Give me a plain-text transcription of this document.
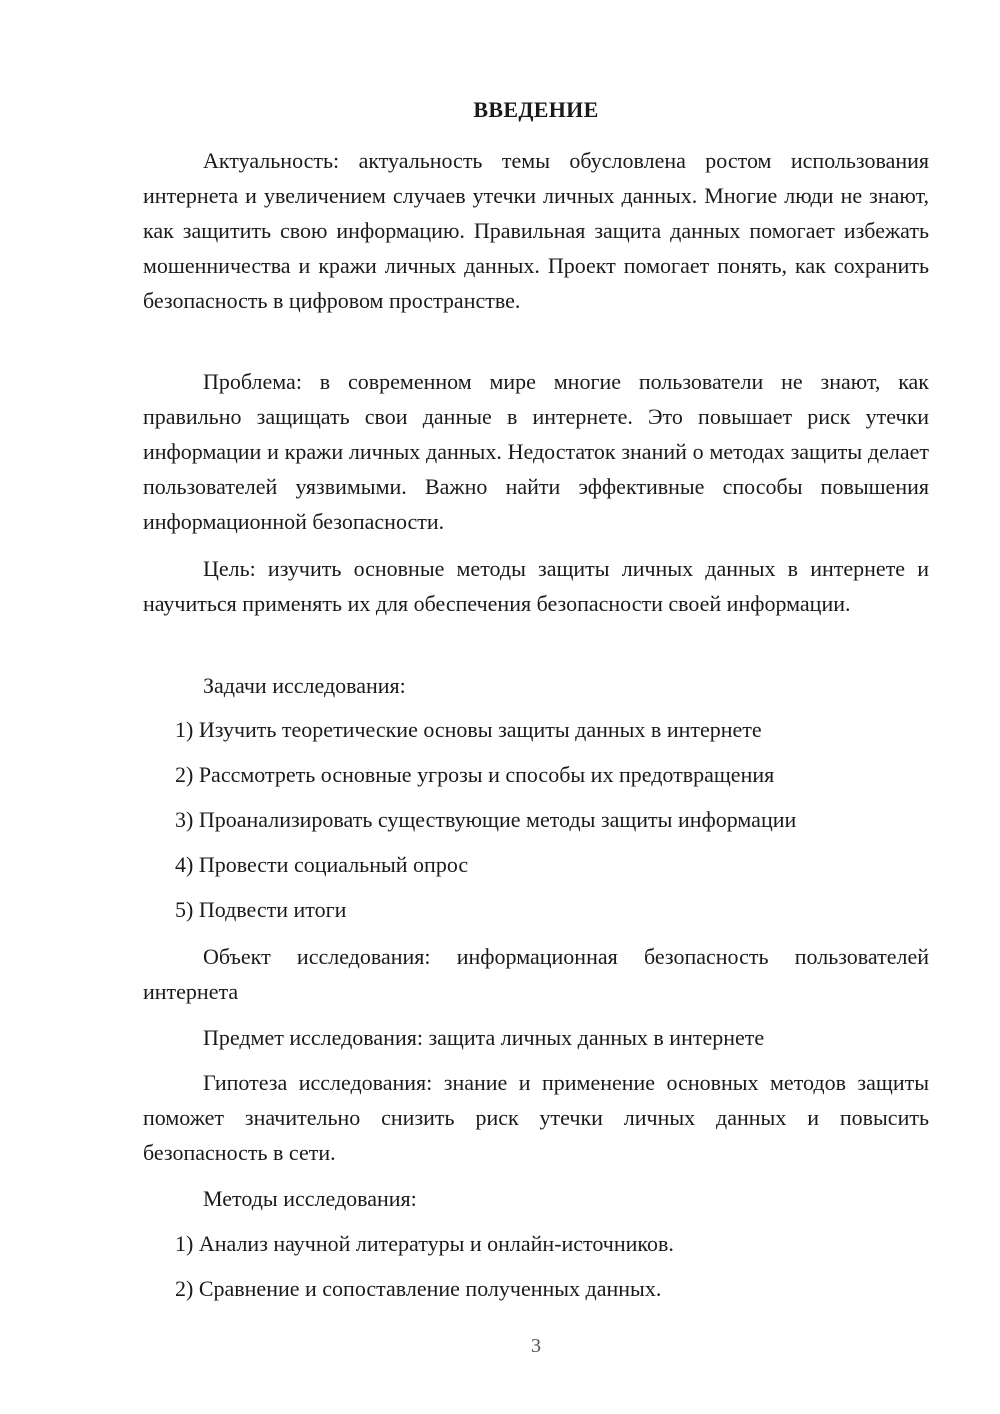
ВВЕДЕНИЕ

Актуальность: актуальность темы обусловлена ростом использования интернета и увеличением случаев утечки личных данных. Многие люди не знают, как защитить свою информацию. Правильная защита данных помогает избежать мошенничества и кражи личных данных. Проект помогает понять, как сохранить безопасность в цифровом пространстве.

Проблема: в современном мире многие пользователи не знают, как правильно защищать свои данные в интернете. Это повышает риск утечки информации и кражи личных данных. Недостаток знаний о методах защиты делает пользователей уязвимыми. Важно найти эффективные способы повышения информационной безопасности.

Цель: изучить основные методы защиты личных данных в интернете и научиться применять их для обеспечения безопасности своей информации.

Задачи исследования:

1) Изучить теоретические основы защиты данных в интернете
2) Рассмотреть основные угрозы и способы их предотвращения
3) Проанализировать существующие методы защиты информации
4) Провести социальный опрос
5) Подвести итоги

Объект исследования: информационная безопасность пользователей интернета

Предмет исследования: защита личных данных в интернете

Гипотеза исследования: знание и применение основных методов защиты поможет значительно снизить риск утечки личных данных и повысить безопасность в сети.

Методы исследования:

1) Анализ научной литературы и онлайн-источников.
2) Сравнение и сопоставление полученных данных.
3
